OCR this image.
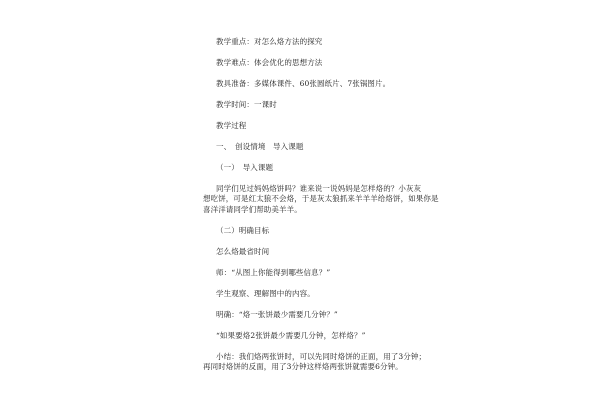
教学重点：对怎么烙方法的探究
教学难点：体会优化的思想方法
教具准备：多媒体课件、60张圆纸片、7张锅图片。
教学时间：一课时
教学过程
一、　创设情境　导入课题
（一）　导入课题
同学们见过妈妈烙饼吗？谁来说一说妈妈是怎样烙的？小灰灰
想吃饼，可是红太狼不会烙，于是灰太狼抓来羊羊羊给烙饼，如果你是
喜洋洋请同学们帮助美羊羊。
（二）明确目标
怎么烙最省时间
师：“从图上你能得到哪些信息？”
学生观察、理解图中的内容。
明确：“烙一张饼最少需要几分钟？”
“如果要烙2张饼最少需要几分钟，怎样烙？”
小结：我们烙两张饼时，可以先同时烙饼的正面，用了3分钟；
再同时烙饼的反面，用了3分钟这样烙两张饼就需要6分钟。
